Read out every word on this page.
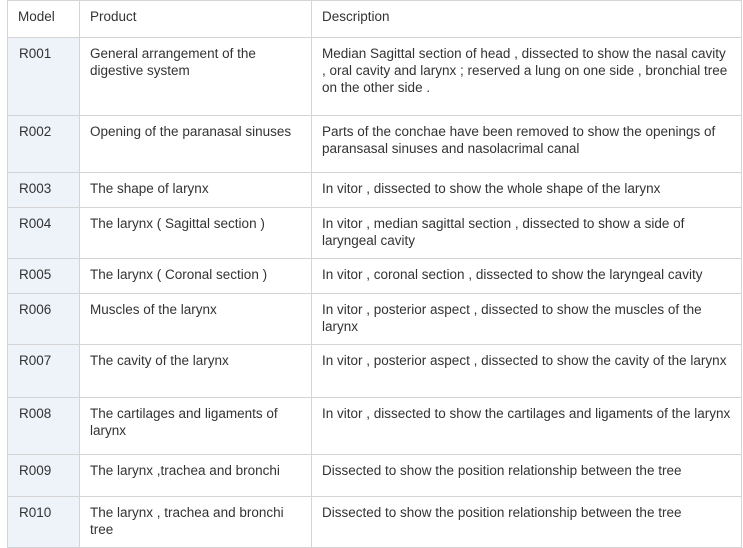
Model	Product	Description
R001	General arrangement of the digestive system	Median Sagittal section of head , dissected to show the nasal cavity , oral cavity and larynx ; reserved a lung on one side , bronchial tree on the other side .
R002	Opening of the paranasal sinuses	Parts of the conchae have been removed to show the openings of paransasal sinuses and nasolacrimal canal
R003	The shape of larynx	In vitor , dissected to show the whole shape of the larynx
R004	The larynx ( Sagittal section )	In vitor , median sagittal section , dissected to show a side of laryngeal cavity
R005	The larynx ( Coronal section )	In vitor , coronal section , dissected to show the laryngeal cavity
R006	Muscles of the larynx	In vitor , posterior aspect , dissected to show the muscles of the larynx
R007	The cavity of the larynx	In vitor , posterior aspect , dissected to show the cavity of the larynx
R008	The cartilages and ligaments of larynx	In vitor , dissected to show the cartilages and ligaments of the larynx
R009	The larynx ,trachea and bronchi	Dissected to show the position relationship between the tree
R010	The larynx , trachea and bronchi tree	Dissected to show the position relationship between the tree
